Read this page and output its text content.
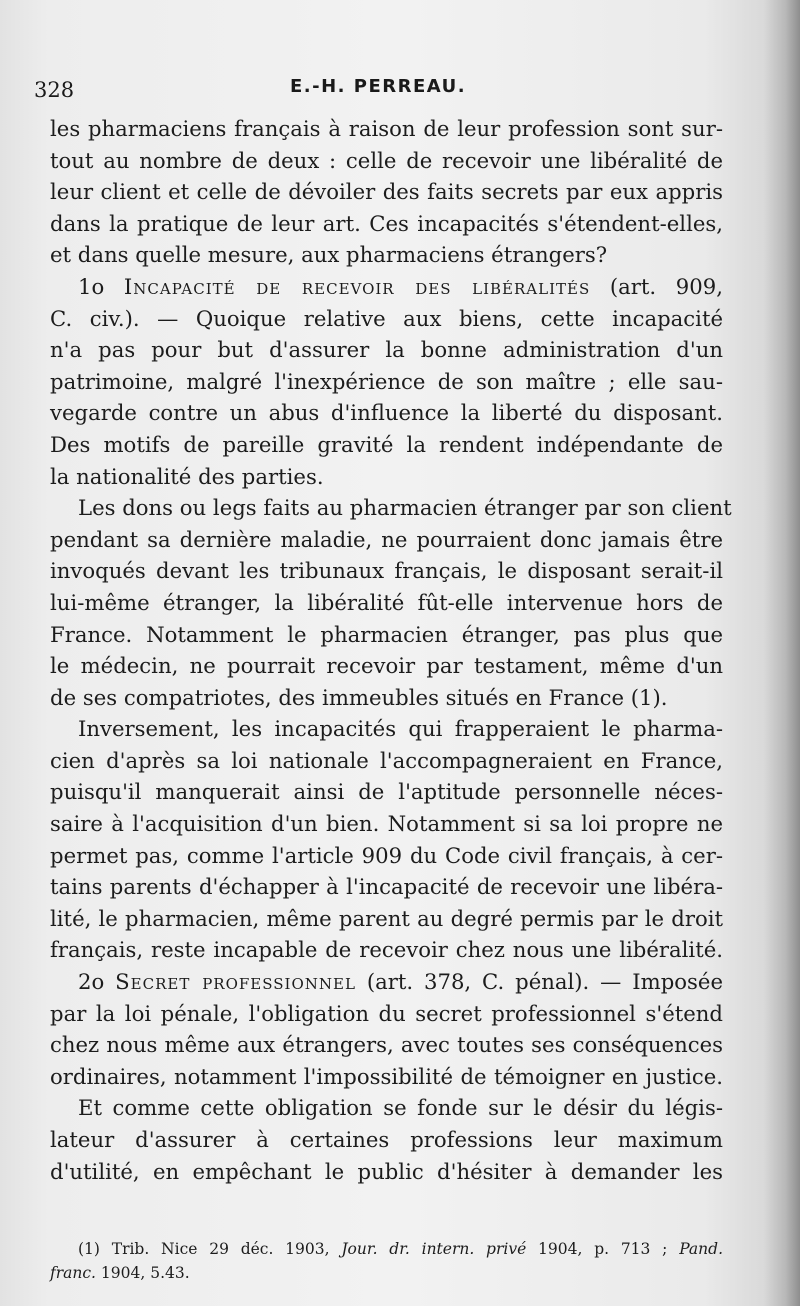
328	E.-H. PERREAU.
les pharmaciens français à raison de leur profession sont sur-
tout au nombre de deux : celle de recevoir une libéralité de
leur client et celle de dévoiler des faits secrets par eux appris
dans la pratique de leur art. Ces incapacités s'étendent-elles,
et dans quelle mesure, aux pharmaciens étrangers?
1o Incapacité de recevoir des libéralités (art. 909,
C. civ.). — Quoique relative aux biens, cette incapacité
n'a pas pour but d'assurer la bonne administration d'un
patrimoine, malgré l'inexpérience de son maître ; elle sau-
vegarde contre un abus d'influence la liberté du disposant.
Des motifs de pareille gravité la rendent indépendante de
la nationalité des parties.
Les dons ou legs faits au pharmacien étranger par son client
pendant sa dernière maladie, ne pourraient donc jamais être
invoqués devant les tribunaux français, le disposant serait-il
lui-même étranger, la libéralité fût-elle intervenue hors de
France. Notamment le pharmacien étranger, pas plus que
le médecin, ne pourrait recevoir par testament, même d'un
de ses compatriotes, des immeubles situés en France (1).
Inversement, les incapacités qui frapperaient le pharma-
cien d'après sa loi nationale l'accompagneraient en France,
puisqu'il manquerait ainsi de l'aptitude personnelle néces-
saire à l'acquisition d'un bien. Notamment si sa loi propre ne
permet pas, comme l'article 909 du Code civil français, à cer-
tains parents d'échapper à l'incapacité de recevoir une libéra-
lité, le pharmacien, même parent au degré permis par le droit
français, reste incapable de recevoir chez nous une libéralité.
2o Secret professionnel (art. 378, C. pénal). — Imposée
par la loi pénale, l'obligation du secret professionnel s'étend
chez nous même aux étrangers, avec toutes ses conséquences
ordinaires, notamment l'impossibilité de témoigner en justice.
Et comme cette obligation se fonde sur le désir du légis-
lateur d'assurer à certaines professions leur maximum
d'utilité, en empêchant le public d'hésiter à demander les
(1) Trib. Nice 29 déc. 1903, Jour. dr. intern. privé 1904, p. 713 ; Pand.
franc. 1904, 5.43.
